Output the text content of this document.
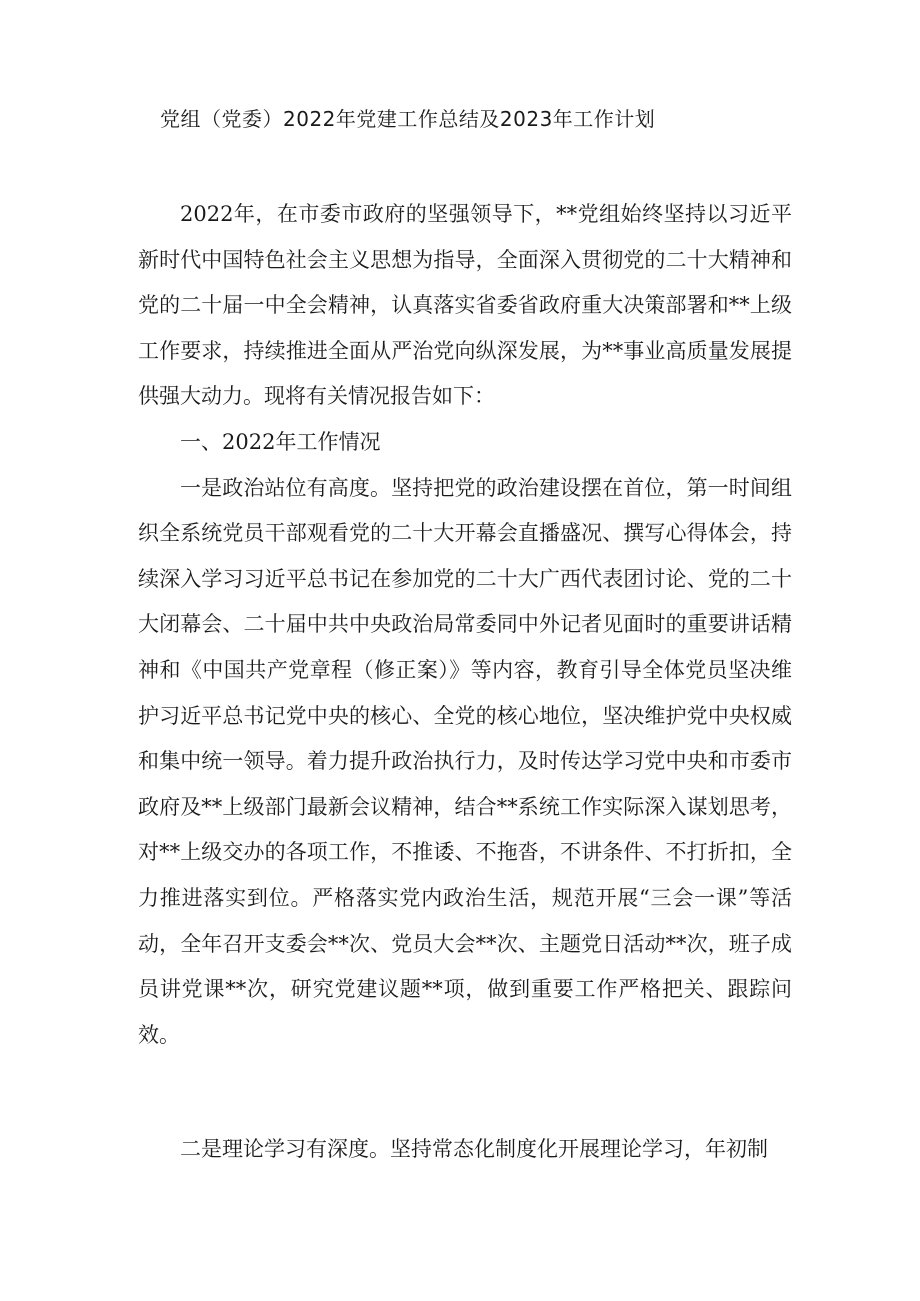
党组（党委）2022年党建工作总结及2023年工作计划

2022年，在市委市政府的坚强领导下，**党组始终坚持以习近平新时代中国特色社会主义思想为指导，全面深入贯彻党的二十大精神和党的二十届一中全会精神，认真落实省委省政府重大决策部署和**上级工作要求，持续推进全面从严治党向纵深发展，为**事业高质量发展提供强大动力。现将有关情况报告如下：

一、2022年工作情况

一是政治站位有高度。坚持把党的政治建设摆在首位，第一时间组织全系统党员干部观看党的二十大开幕会直播盛况、撰写心得体会，持续深入学习习近平总书记在参加党的二十大广西代表团讨论、党的二十大闭幕会、二十届中共中央政治局常委同中外记者见面时的重要讲话精神和《中国共产党章程（修正案）》等内容，教育引导全体党员坚决维护习近平总书记党中央的核心、全党的核心地位，坚决维护党中央权威和集中统一领导。着力提升政治执行力，及时传达学习党中央和市委市政府及**上级部门最新会议精神，结合**系统工作实际深入谋划思考，对**上级交办的各项工作，不推诿、不拖沓，不讲条件、不打折扣，全力推进落实到位。严格落实党内政治生活，规范开展“三会一课”等活动，全年召开支委会**次、党员大会**次、主题党日活动**次，班子成员讲党课**次，研究党建议题**项，做到重要工作严格把关、跟踪问效。

二是理论学习有深度。坚持常态化制度化开展理论学习，年初制
